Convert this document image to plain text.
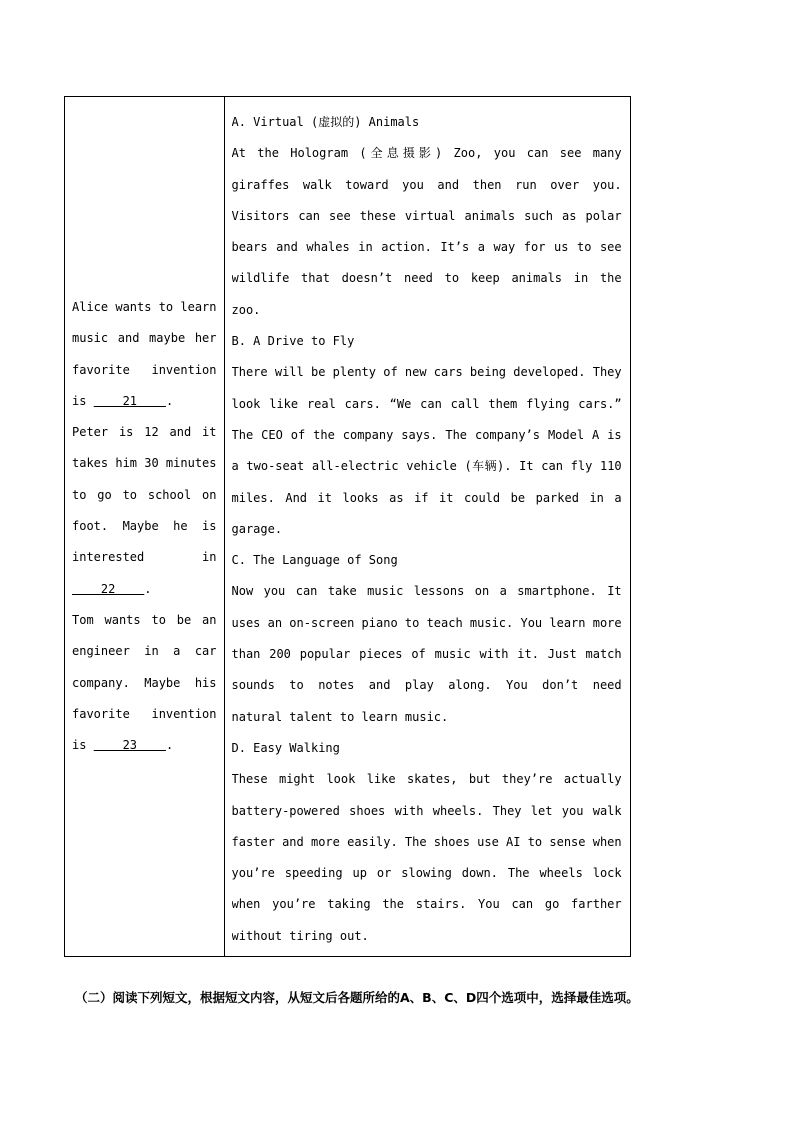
Alice wants to learn
music and maybe her
favorite invention
is     21    .
Peter is 12 and it
takes him 30 minutes
to go to school on
foot. Maybe he is
interested in
22    .
Tom wants to be an
engineer in a car
company. Maybe his
favorite invention
is     23    .

A. Virtual (虚拟的) Animals
At the Hologram (全息摄影) Zoo, you can see many
giraffes walk toward you and then run over you.
Visitors can see these virtual animals such as polar
bears and whales in action. It’s a way for us to see
wildlife that doesn’t need to keep animals in the
zoo.
B. A Drive to Fly
There will be plenty of new cars being developed. They
look like real cars. “We can call them flying cars.”
The CEO of the company says. The company’s Model A is
a two-seat all-electric vehicle (车辆). It can fly 110
miles. And it looks as if it could be parked in a
garage.
C. The Language of Song
Now you can take music lessons on a smartphone. It
uses an on-screen piano to teach music. You learn more
than 200 popular pieces of music with it. Just match
sounds to notes and play along. You don’t need
natural talent to learn music.
D. Easy Walking
These might look like skates, but they’re actually
battery-powered shoes with wheels. They let you walk
faster and more easily. The shoes use AI to sense when
you’re speeding up or slowing down. The wheels lock
when you’re taking the stairs. You can go farther
without tiring out.
（二）阅读下列短文，根据短文内容，从短文后各题所给的A、B、C、D四个选项中，选择最佳选项。
